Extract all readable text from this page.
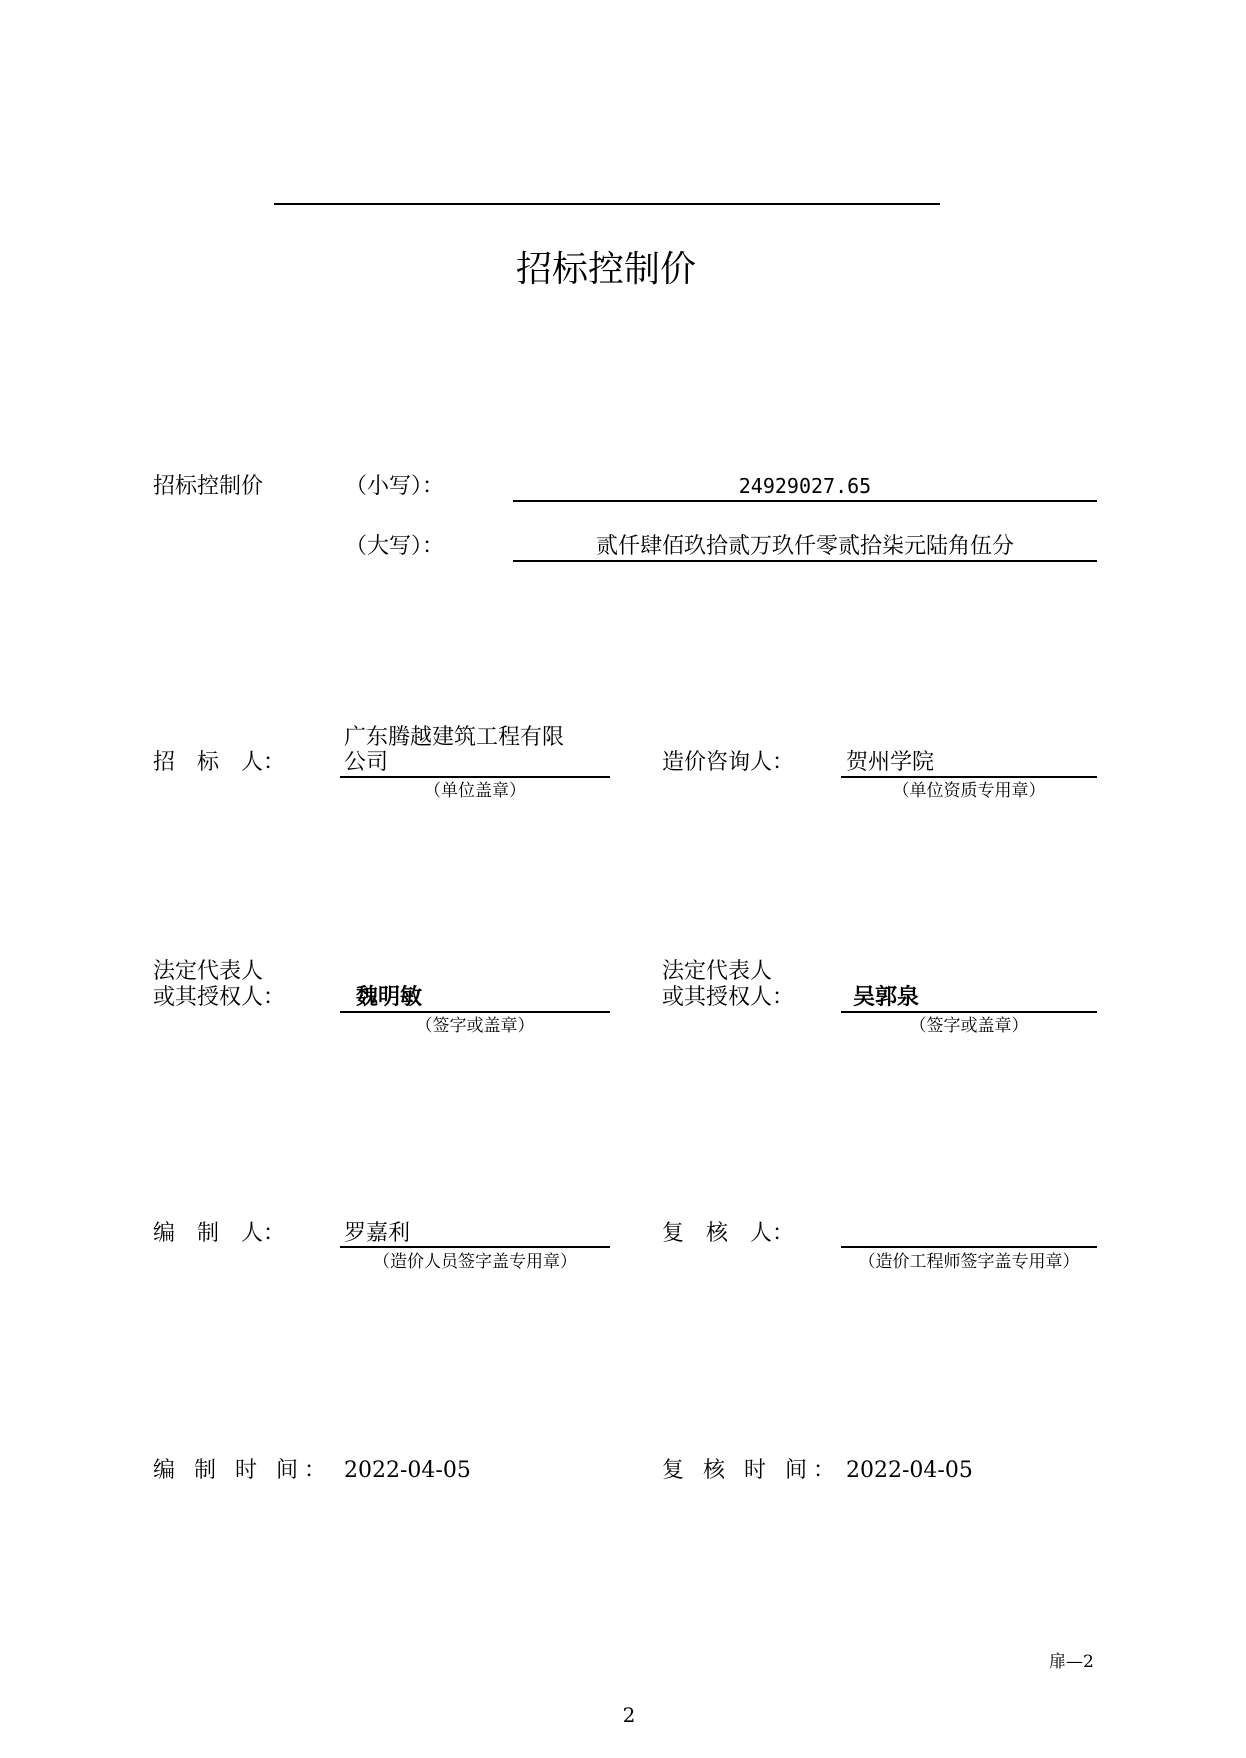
招标控制价
招标控制价	（小写）：	24929027.65
（大写）：	贰仟肆佰玖拾贰万玖仟零贰拾柒元陆角伍分
招　标　人：
广东腾越建筑工程有限
公司
（单位盖章）
造价咨询人： 贺州学院
（单位资质专用章）
法定代表人
或其授权人：	魏明敏
（签字或盖章）
法定代表人
或其授权人：	吴郭泉
（签字或盖章）
编　制　人：	罗嘉利
（造价人员签字盖专用章）
复　核　人：
（造价工程师签字盖专用章）
编 制 时 间： 2022-04-05	复 核 时 间： 2022-04-05
扉—2
2
